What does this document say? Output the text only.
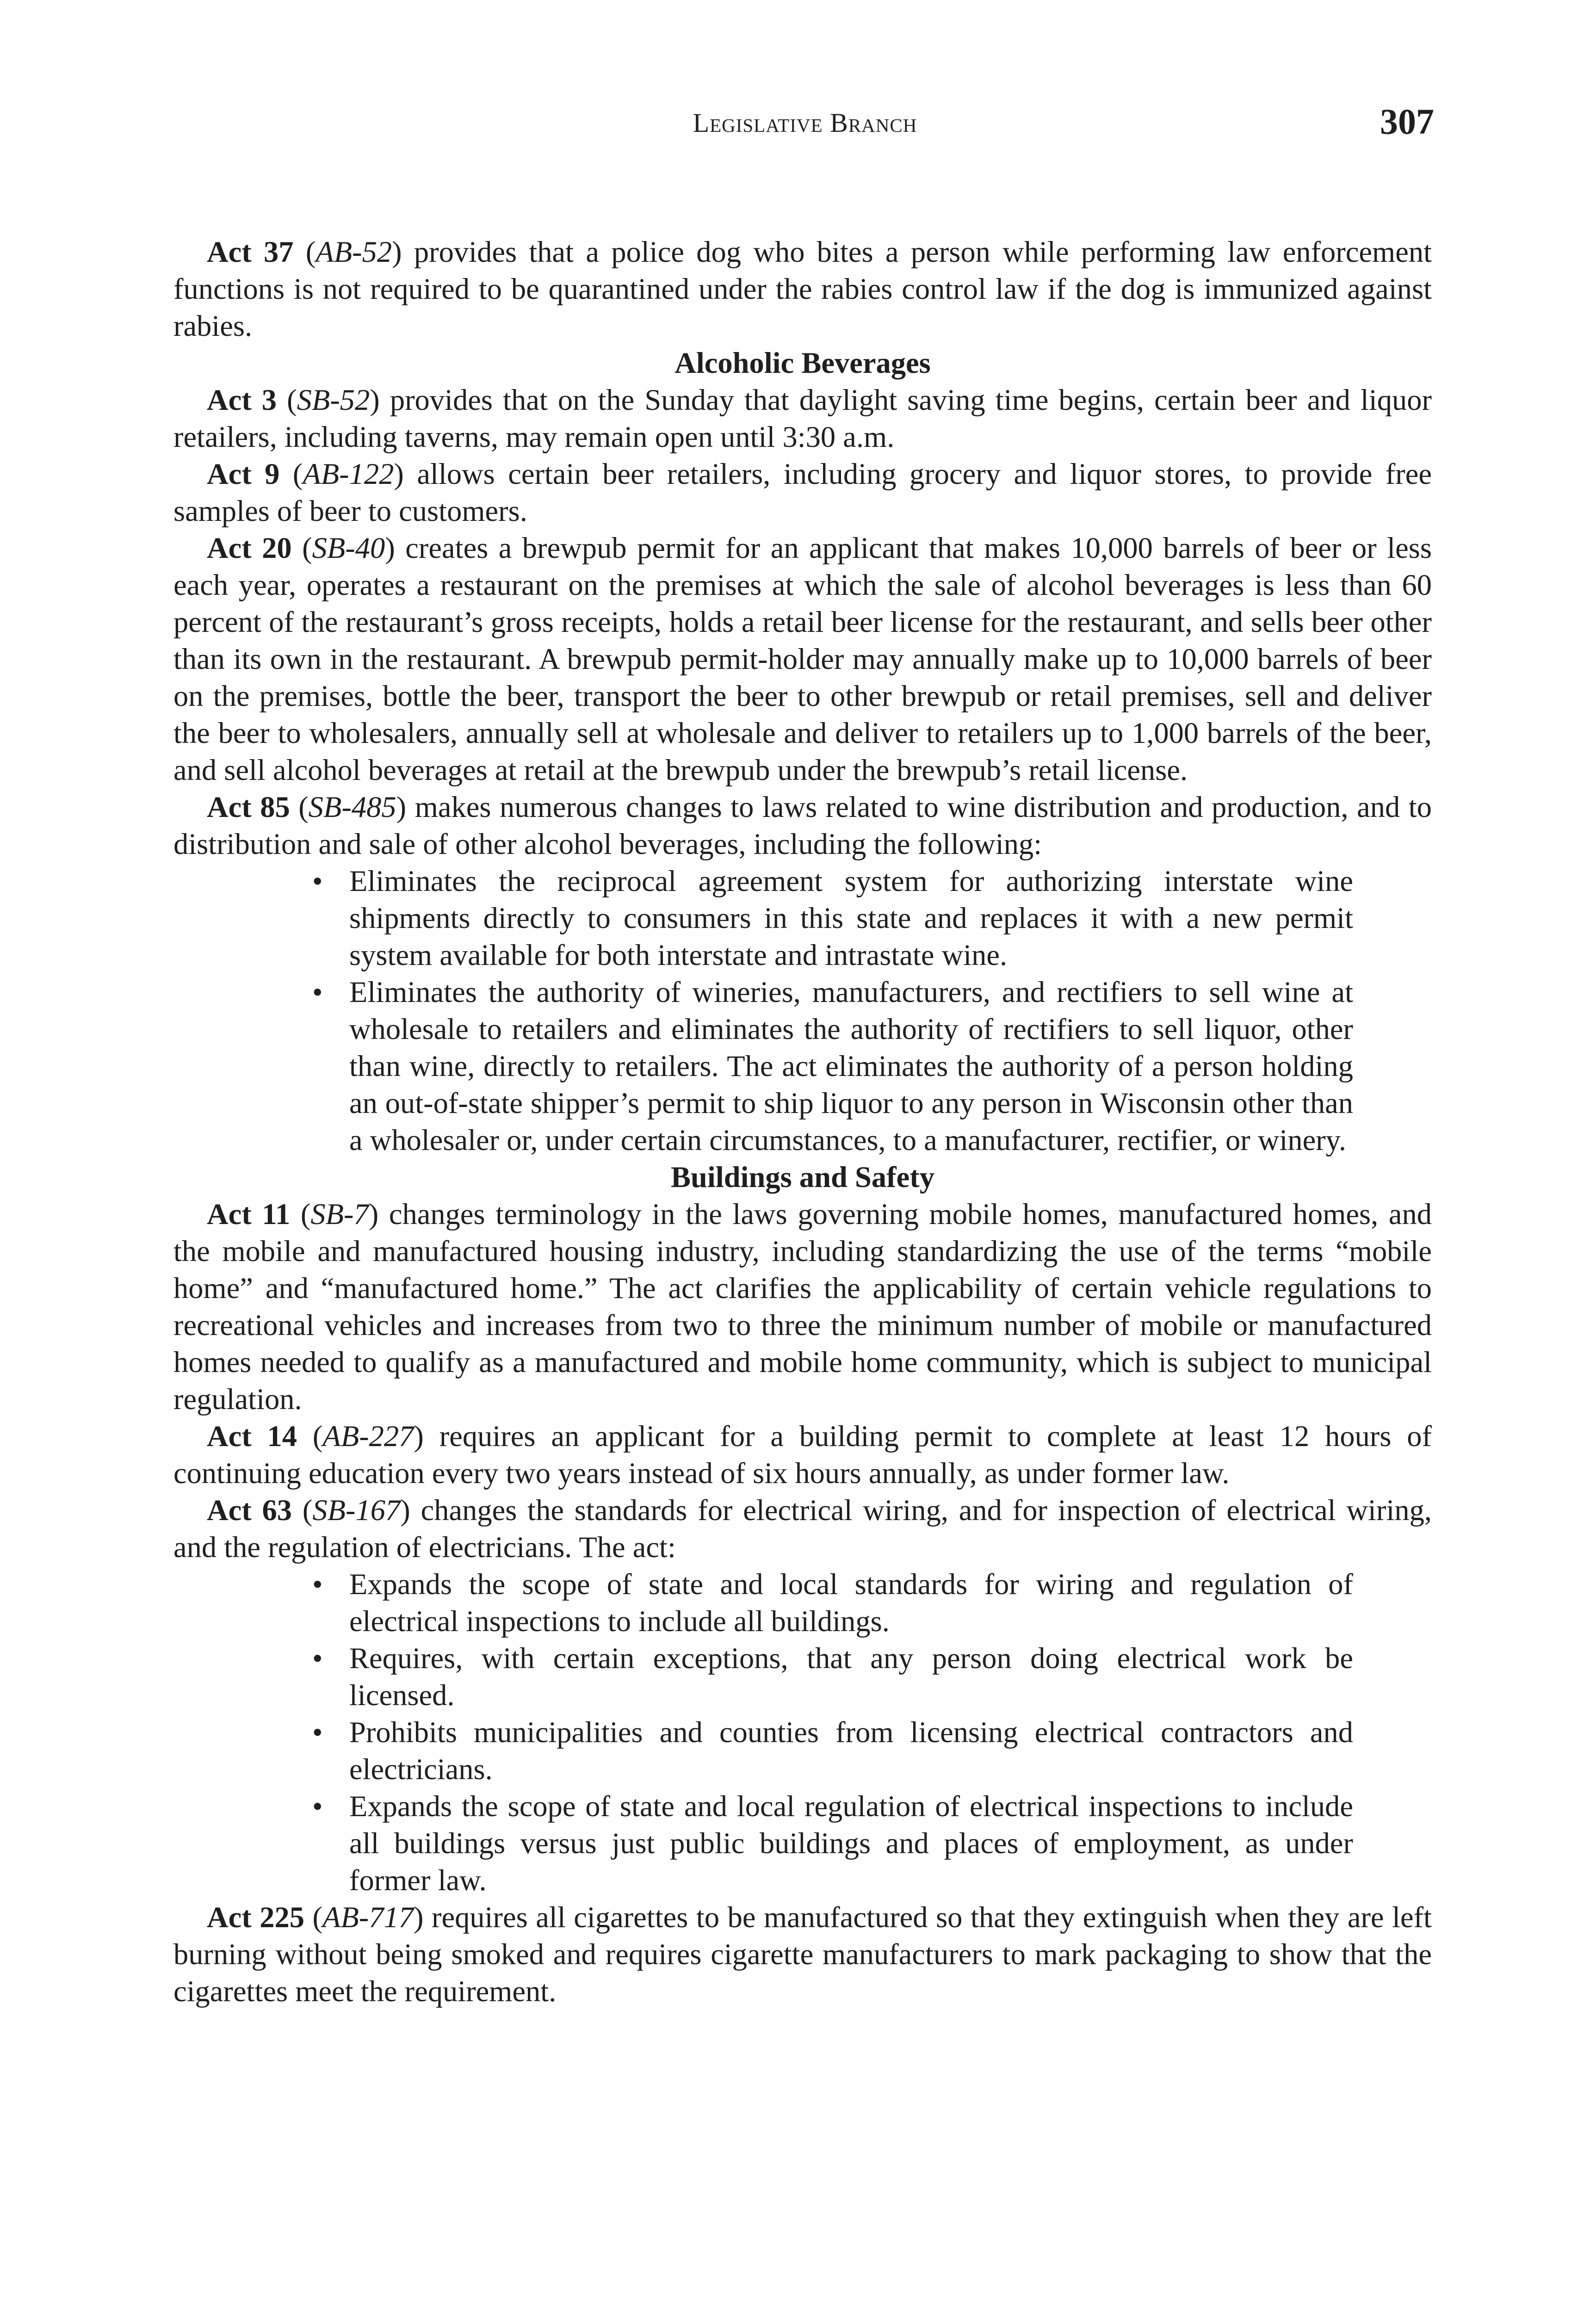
Legislative Branch	307

Act 37 (AB-52) provides that a police dog who bites a person while performing law enforcement functions is not required to be quarantined under the rabies control law if the dog is immunized against rabies.

Alcoholic Beverages

Act 3 (SB-52) provides that on the Sunday that daylight saving time begins, certain beer and liquor retailers, including taverns, may remain open until 3:30 a.m.

Act 9 (AB-122) allows certain beer retailers, including grocery and liquor stores, to provide free samples of beer to customers.

Act 20 (SB-40) creates a brewpub permit for an applicant that makes 10,000 barrels of beer or less each year, operates a restaurant on the premises at which the sale of alcohol beverages is less than 60 percent of the restaurant’s gross receipts, holds a retail beer license for the restaurant, and sells beer other than its own in the restaurant. A brewpub permit-holder may annually make up to 10,000 barrels of beer on the premises, bottle the beer, transport the beer to other brewpub or retail premises, sell and deliver the beer to wholesalers, annually sell at wholesale and deliver to retailers up to 1,000 barrels of the beer, and sell alcohol beverages at retail at the brewpub under the brewpub’s retail license.

Act 85 (SB-485) makes numerous changes to laws related to wine distribution and production, and to distribution and sale of other alcohol beverages, including the following:

• Eliminates the reciprocal agreement system for authorizing interstate wine shipments directly to consumers in this state and replaces it with a new permit system available for both interstate and intrastate wine.
• Eliminates the authority of wineries, manufacturers, and rectifiers to sell wine at wholesale to retailers and eliminates the authority of rectifiers to sell liquor, other than wine, directly to retailers. The act eliminates the authority of a person holding an out-of-state shipper’s permit to ship liquor to any person in Wisconsin other than a wholesaler or, under certain circumstances, to a manufacturer, rectifier, or winery.
Buildings and Safety

Act 11 (SB-7) changes terminology in the laws governing mobile homes, manufactured homes, and the mobile and manufactured housing industry, including standardizing the use of the terms “mobile home” and “manufactured home.” The act clarifies the applicability of certain vehicle regulations to recreational vehicles and increases from two to three the minimum number of mobile or manufactured homes needed to qualify as a manufactured and mobile home community, which is subject to municipal regulation.

Act 14 (AB-227) requires an applicant for a building permit to complete at least 12 hours of continuing education every two years instead of six hours annually, as under former law.

Act 63 (SB-167) changes the standards for electrical wiring, and for inspection of electrical wiring, and the regulation of electricians. The act:

• Expands the scope of state and local standards for wiring and regulation of electrical inspections to include all buildings.
• Requires, with certain exceptions, that any person doing electrical work be licensed.
• Prohibits municipalities and counties from licensing electrical contractors and electricians.
• Expands the scope of state and local regulation of electrical inspections to include all buildings versus just public buildings and places of employment, as under former law.

Act 225 (AB-717) requires all cigarettes to be manufactured so that they extinguish when they are left burning without being smoked and requires cigarette manufacturers to mark packaging to show that the cigarettes meet the requirement.
